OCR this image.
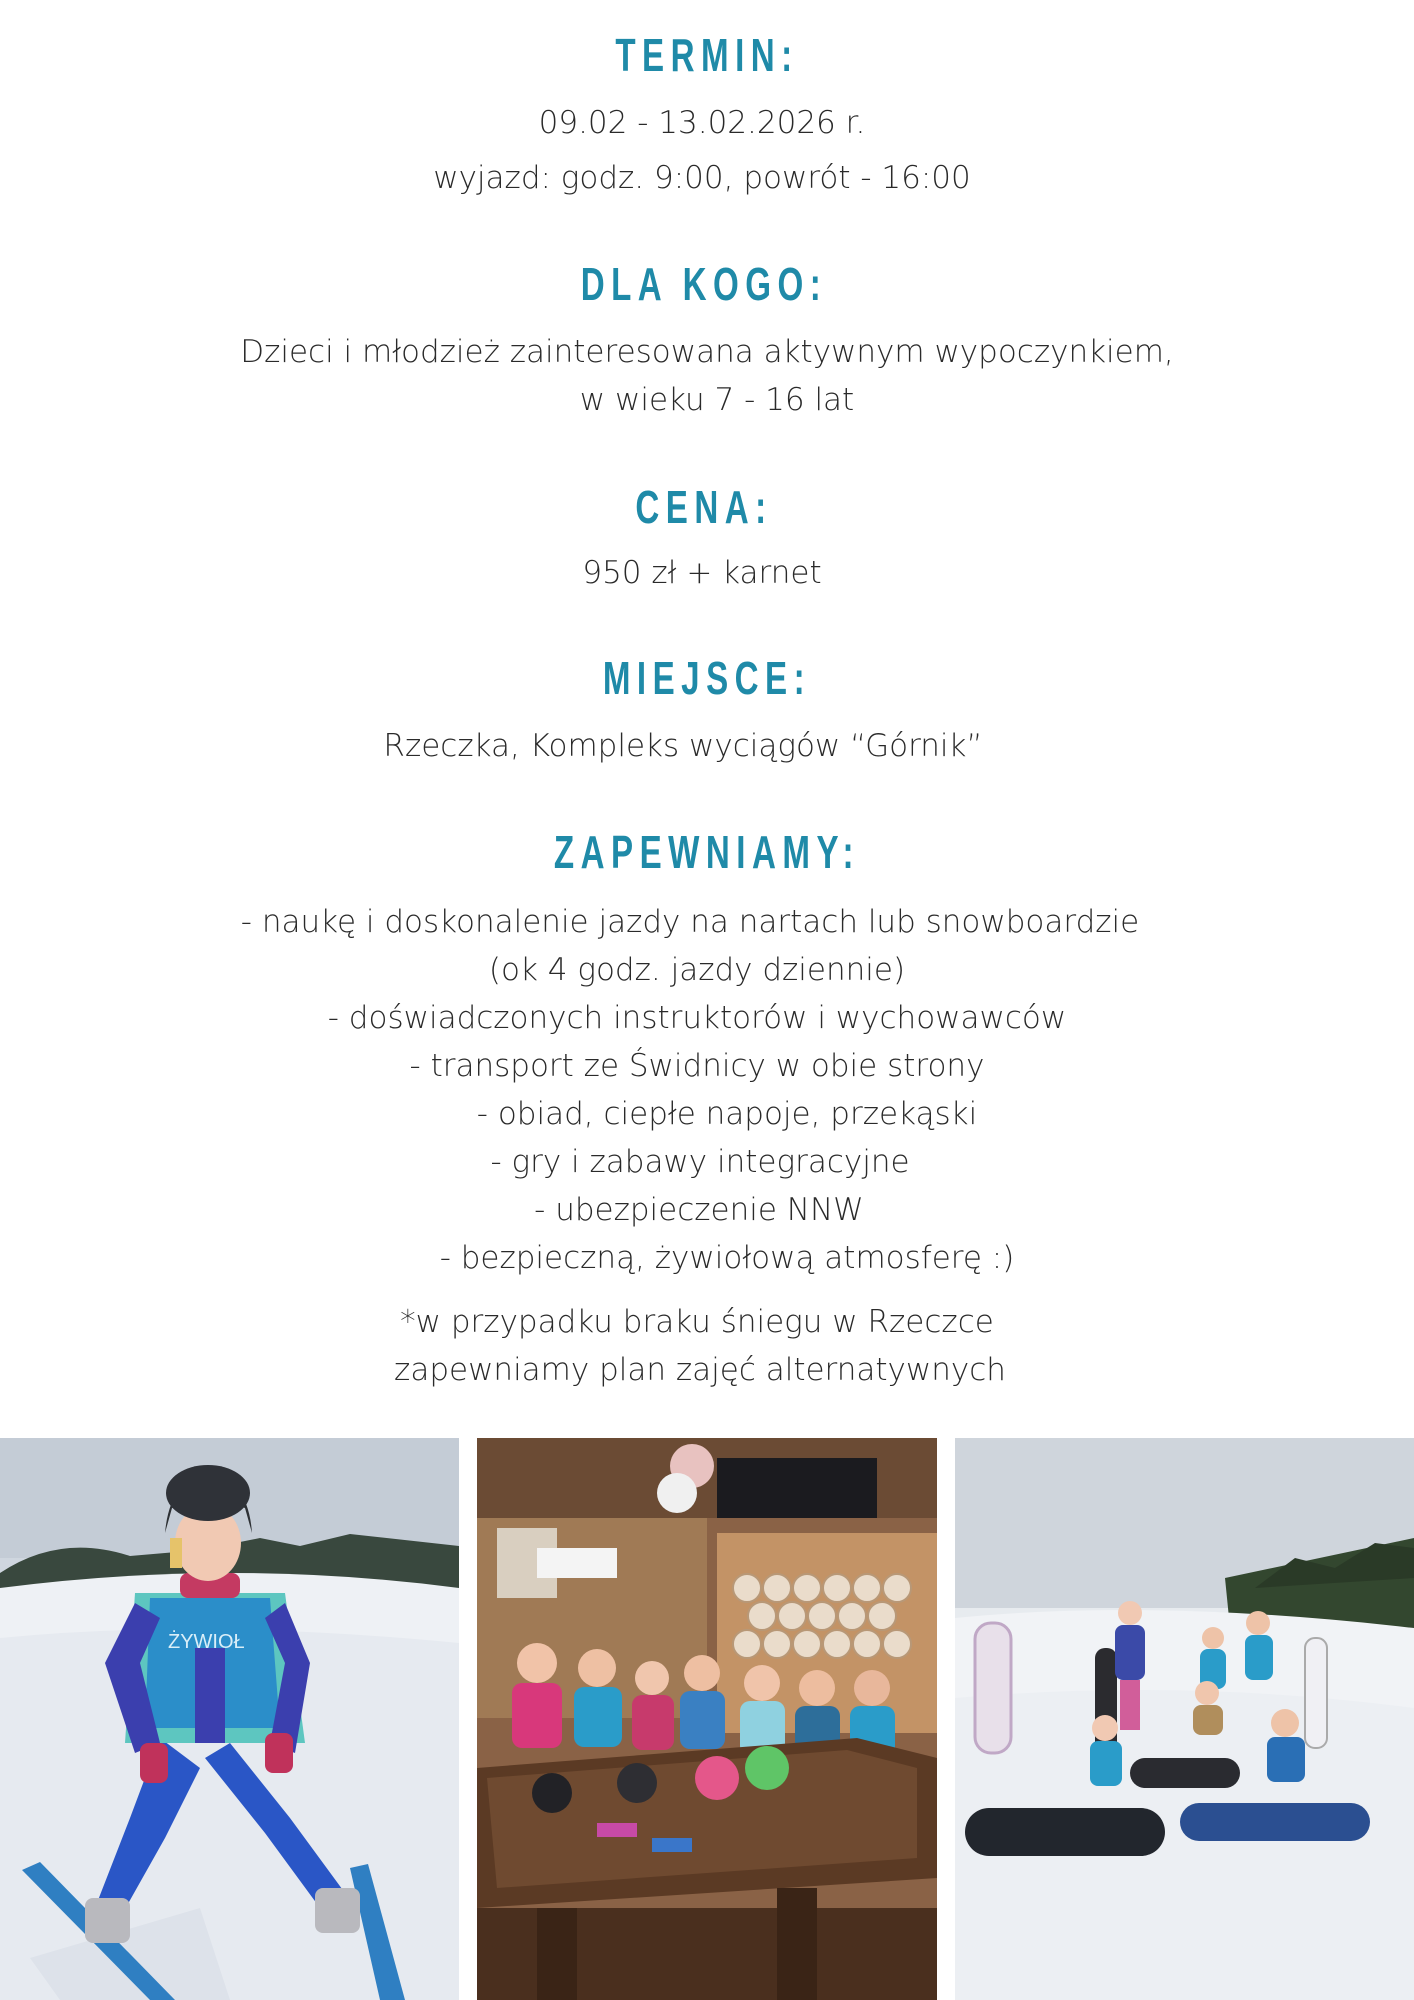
TERMIN:
09.02 - 13.02.2026 r.
wyjazd: godz. 9:00, powrót - 16:00
DLA KOGO:
Dzieci i młodzież zainteresowana aktywnym wypoczynkiem,
w wieku 7 - 16 lat
CENA:
950 zł + karnet
MIEJSCE:
Rzeczka, Kompleks wyciągów “Górnik”
ZAPEWNIAMY:
- naukę i doskonalenie jazdy na nartach lub snowboardzie
(ok 4 godz. jazdy dziennie)
- doświadczonych instruktorów i wychowawców
- transport ze Świdnicy w obie strony
- obiad, ciepłe napoje, przekąski
- gry i zabawy integracyjne
- ubezpieczenie NNW
- bezpieczną, żywiołową atmosferę :)
*w przypadku braku śniegu w Rzeczce
zapewniamy plan zajęć alternatywnych
ŻYWIOŁ
